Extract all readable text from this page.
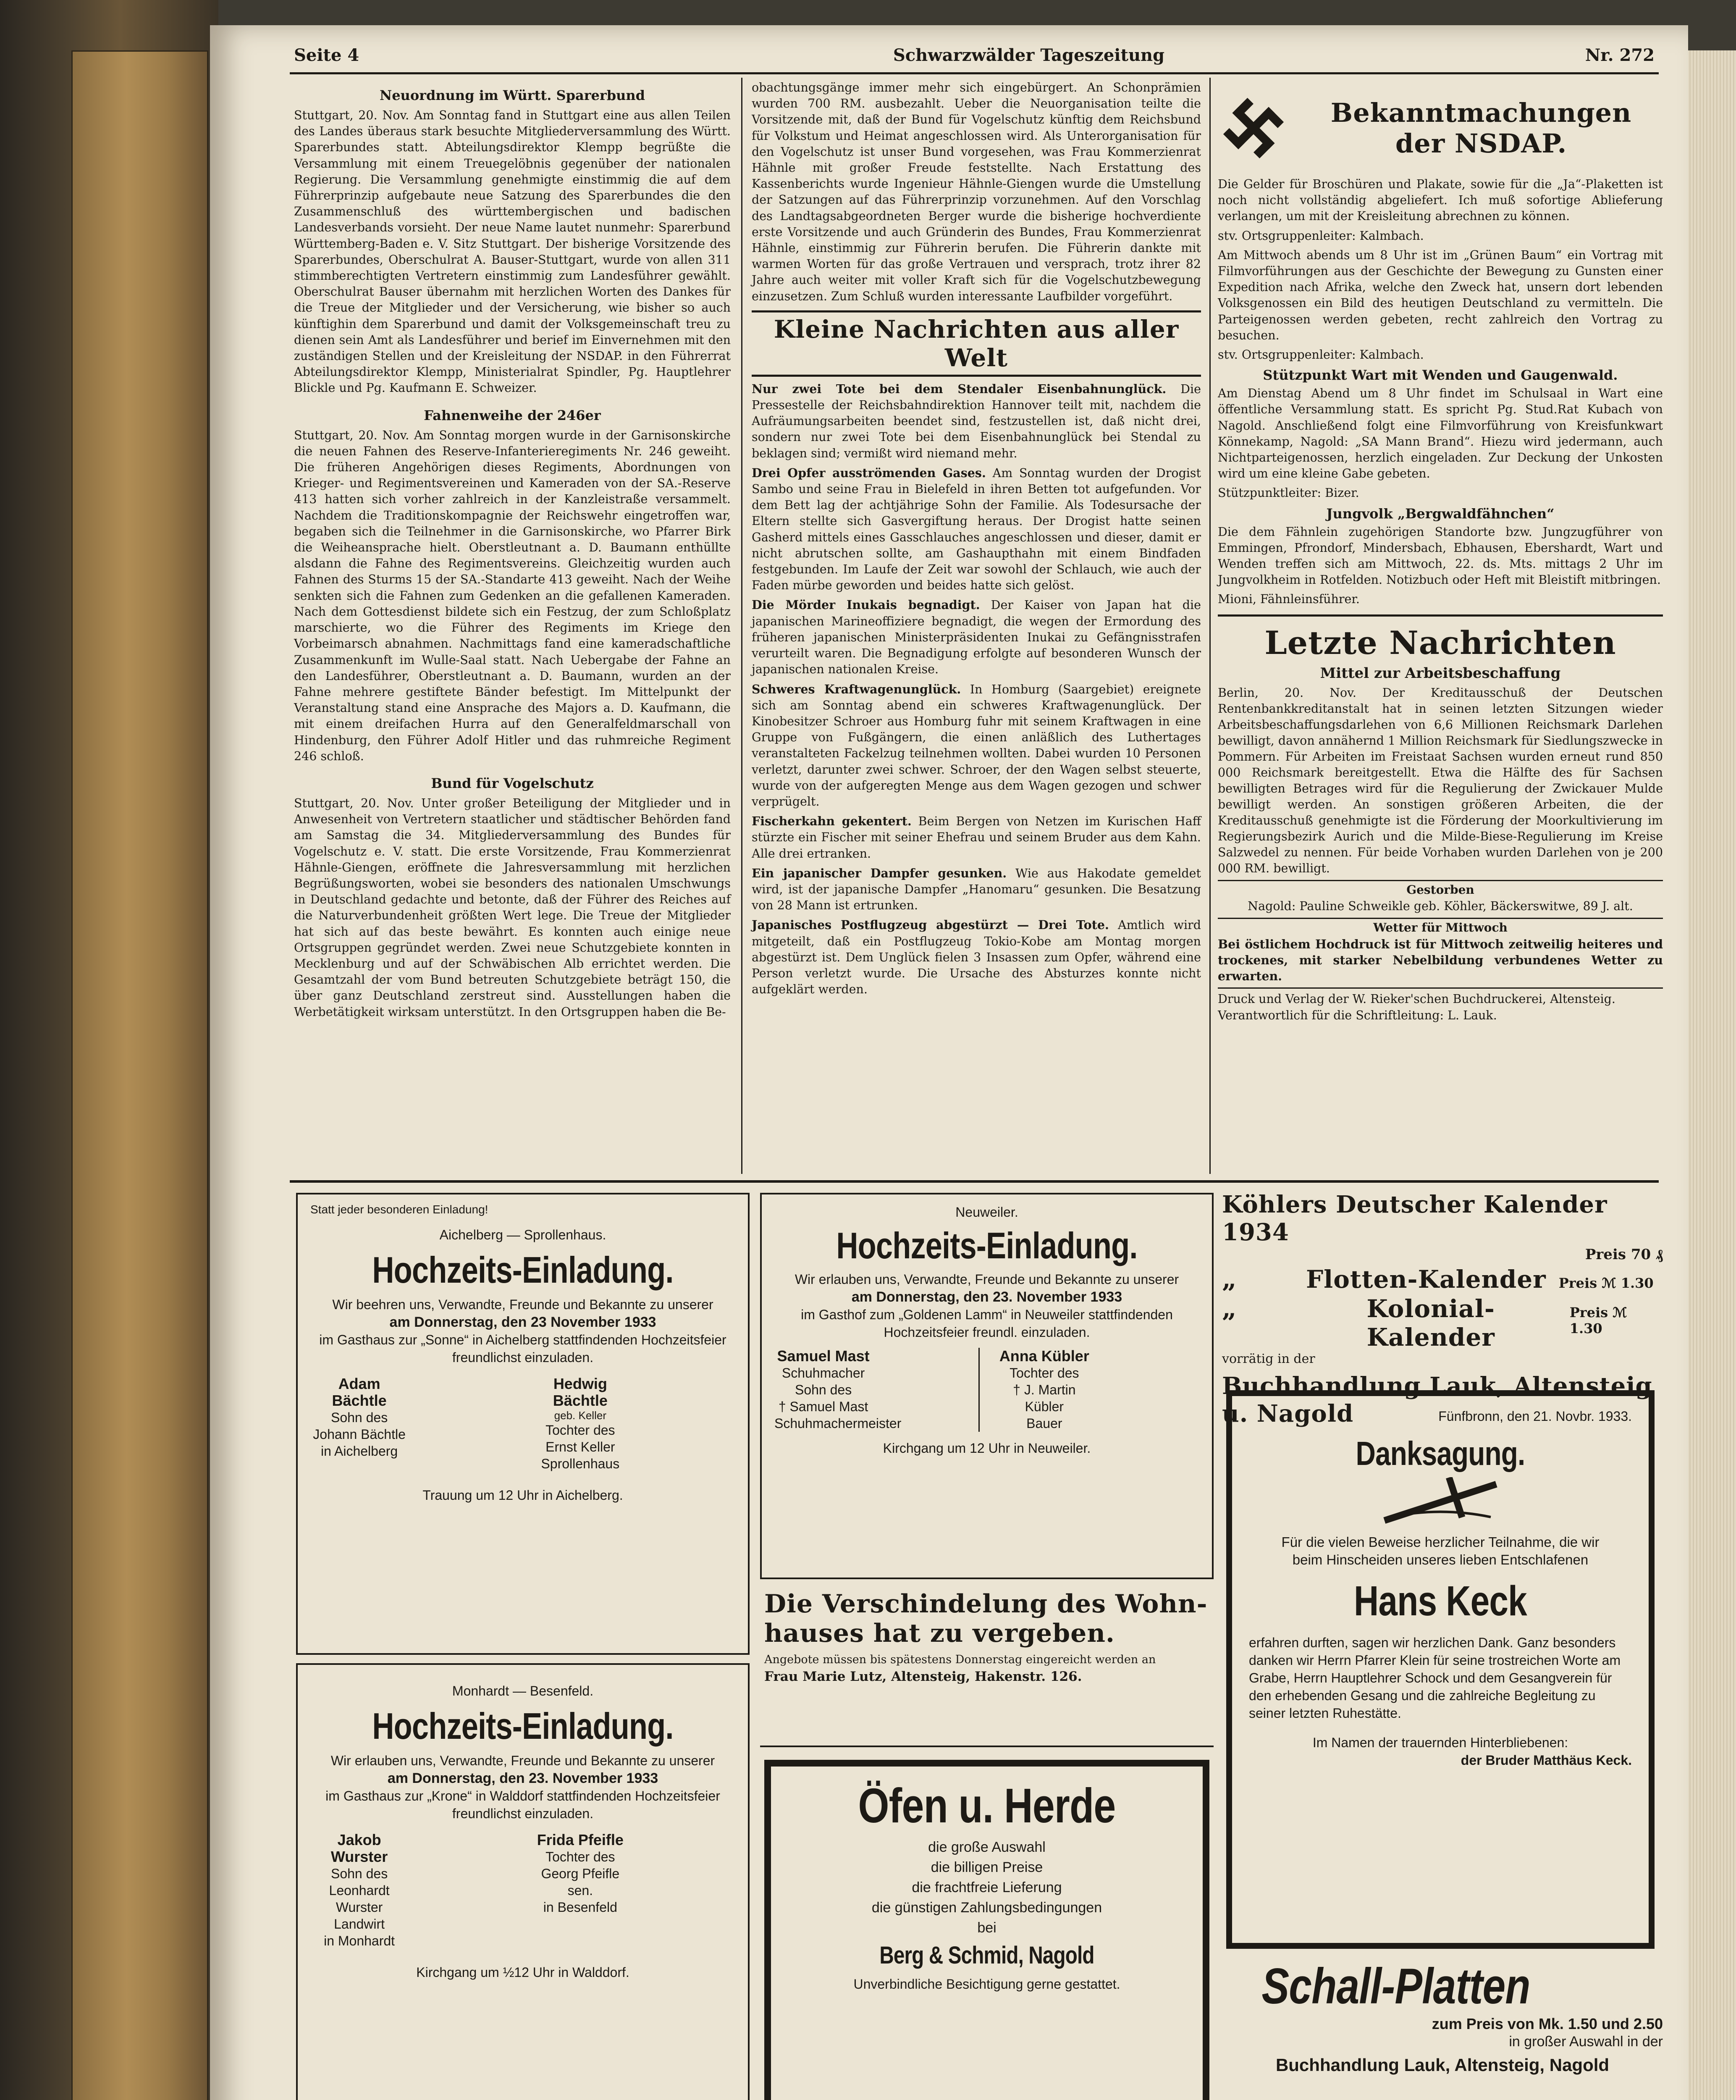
Seite 4	Schwarzwälder Tageszeitung	Nr. 272
Neuordnung im Württ. Sparerbund

Stuttgart, 20. Nov. Am Sonntag fand in Stuttgart eine aus allen Teilen des Landes überaus stark besuchte Mitgliederversammlung des Württ. Sparerbundes statt. Abteilungsdirektor Klempp begrüßte die Versammlung mit einem Treuegelöbnis gegenüber der nationalen Regierung. Die Versammlung genehmigte einstimmig die auf dem Führerprinzip aufgebaute neue Satzung des Sparerbundes die den Zusammenschluß des württembergischen und badischen Landesverbands vorsieht. Der neue Name lautet nunmehr: Sparerbund Württemberg-Baden e. V. Sitz Stuttgart. Der bisherige Vorsitzende des Sparerbundes, Oberschulrat A. Bauser-Stuttgart, wurde von allen 311 stimmberechtigten Vertretern einstimmig zum Landesführer gewählt. Oberschulrat Bauser übernahm mit herzlichen Worten des Dankes für die Treue der Mitglieder und der Versicherung, wie bisher so auch künftighin dem Sparerbund und damit der Volksgemeinschaft treu zu dienen sein Amt als Landesführer und berief im Einvernehmen mit den zuständigen Stellen und der Kreisleitung der NSDAP. in den Führerrat Abteilungsdirektor Klempp, Ministerialrat Spindler, Pg. Hauptlehrer Blickle und Pg. Kaufmann E. Schweizer.

Fahnenweihe der 246er

Stuttgart, 20. Nov. Am Sonntag morgen wurde in der Garnisonskirche die neuen Fahnen des Reserve-Infanterieregiments Nr. 246 geweiht. Die früheren Angehörigen dieses Regiments, Abordnungen von Krieger- und Regimentsvereinen und Kameraden von der SA.-Reserve 413 hatten sich vorher zahlreich in der Kanzleistraße versammelt. Nachdem die Traditionskompagnie der Reichswehr eingetroffen war, begaben sich die Teilnehmer in die Garnisonskirche, wo Pfarrer Birk die Weiheansprache hielt. Oberstleutnant a. D. Baumann enthüllte alsdann die Fahne des Regimentsvereins. Gleichzeitig wurden auch Fahnen des Sturms 15 der SA.-Standarte 413 geweiht. Nach der Weihe senkten sich die Fahnen zum Gedenken an die gefallenen Kameraden. Nach dem Gottesdienst bildete sich ein Festzug, der zum Schloßplatz marschierte, wo die Führer des Regiments im Kriege den Vorbeimarsch abnahmen. Nachmittags fand eine kameradschaftliche Zusammenkunft im Wulle-Saal statt. Nach Uebergabe der Fahne an den Landesführer, Oberstleutnant a. D. Baumann, wurden an der Fahne mehrere gestiftete Bänder befestigt. Im Mittelpunkt der Veranstaltung stand eine Ansprache des Majors a. D. Kaufmann, die mit einem dreifachen Hurra auf den Generalfeldmarschall von Hindenburg, den Führer Adolf Hitler und das ruhmreiche Regiment 246 schloß.

Bund für Vogelschutz

Stuttgart, 20. Nov. Unter großer Beteiligung der Mitglieder und in Anwesenheit von Vertretern staatlicher und städtischer Behörden fand am Samstag die 34. Mitgliederversammlung des Bundes für Vogelschutz e. V. statt. Die erste Vorsitzende, Frau Kommerzienrat Hähnle-Giengen, eröffnete die Jahresversammlung mit herzlichen Begrüßungsworten, wobei sie besonders des nationalen Umschwungs in Deutschland gedachte und betonte, daß der Führer des Reiches auf die Naturverbundenheit größten Wert lege. Die Treue der Mitglieder hat sich auf das beste bewährt. Es konnten auch einige neue Ortsgruppen gegründet werden. Zwei neue Schutzgebiete konnten in Mecklenburg und auf der Schwäbischen Alb errichtet werden. Die Gesamtzahl der vom Bund betreuten Schutzgebiete beträgt 150, die über ganz Deutschland zerstreut sind. Ausstellungen haben die Werbetätigkeit wirksam unterstützt. In den Ortsgruppen haben die Be-

obachtungsgänge immer mehr sich eingebürgert. An Schonprämien wurden 700 RM. ausbezahlt. Ueber die Neuorganisation teilte die Vorsitzende mit, daß der Bund für Vogelschutz künftig dem Reichsbund für Volkstum und Heimat angeschlossen wird. Als Unterorganisation für den Vogelschutz ist unser Bund vorgesehen, was Frau Kommerzienrat Hähnle mit großer Freude feststellte. Nach Erstattung des Kassenberichts wurde Ingenieur Hähnle-Giengen wurde die Umstellung der Satzungen auf das Führerprinzip vorzunehmen. Auf den Vorschlag des Landtagsabgeordneten Berger wurde die bisherige hochverdiente erste Vorsitzende und auch Gründerin des Bundes, Frau Kommerzienrat Hähnle, einstimmig zur Führerin berufen. Die Führerin dankte mit warmen Worten für das große Vertrauen und versprach, trotz ihrer 82 Jahre auch weiter mit voller Kraft sich für die Vogelschutzbewegung einzusetzen. Zum Schluß wurden interessante Laufbilder vorgeführt.

Kleine Nachrichten aus aller Welt

Nur zwei Tote bei dem Stendaler Eisenbahnunglück. Die Pressestelle der Reichsbahndirektion Hannover teilt mit, nachdem die Aufräumungsarbeiten beendet sind, festzustellen ist, daß nicht drei, sondern nur zwei Tote bei dem Eisenbahnunglück bei Stendal zu beklagen sind; vermißt wird niemand mehr.

Drei Opfer ausströmenden Gases. Am Sonntag wurden der Drogist Sambo und seine Frau in Bielefeld in ihren Betten tot aufgefunden. Vor dem Bett lag der achtjährige Sohn der Familie. Als Todesursache der Eltern stellte sich Gasvergiftung heraus. Der Drogist hatte seinen Gasherd mittels eines Gasschlauches angeschlossen und dieser, damit er nicht abrutschen sollte, am Gashaupthahn mit einem Bindfaden festgebunden. Im Laufe der Zeit war sowohl der Schlauch, wie auch der Faden mürbe geworden und beides hatte sich gelöst.

Die Mörder Inukais begnadigt. Der Kaiser von Japan hat die japanischen Marineoffiziere begnadigt, die wegen der Ermordung des früheren japanischen Ministerpräsidenten Inukai zu Gefängnisstrafen verurteilt waren. Die Begnadigung erfolgte auf besonderen Wunsch der japanischen nationalen Kreise.

Schweres Kraftwagenunglück. In Homburg (Saargebiet) ereignete sich am Sonntag abend ein schweres Kraftwagenunglück. Der Kinobesitzer Schroer aus Homburg fuhr mit seinem Kraftwagen in eine Gruppe von Fußgängern, die einen anläßlich des Luthertages veranstalteten Fackelzug teilnehmen wollten. Dabei wurden 10 Personen verletzt, darunter zwei schwer. Schroer, der den Wagen selbst steuerte, wurde von der aufgeregten Menge aus dem Wagen gezogen und schwer verprügelt.

Fischerkahn gekentert. Beim Bergen von Netzen im Kurischen Haff stürzte ein Fischer mit seiner Ehefrau und seinem Bruder aus dem Kahn. Alle drei ertranken.

Ein japanischer Dampfer gesunken. Wie aus Hakodate gemeldet wird, ist der japanische Dampfer „Hanomaru“ gesunken. Die Besatzung von 28 Mann ist ertrunken.

Japanisches Postflugzeug abgestürzt — Drei Tote. Amtlich wird mitgeteilt, daß ein Postflugzeug Tokio-Kobe am Montag morgen abgestürzt ist. Dem Unglück fielen 3 Insassen zum Opfer, während eine Person verletzt wurde. Die Ursache des Absturzes konnte nicht aufgeklärt werden.

Bekanntmachungen
der NSDAP.

Die Gelder für Broschüren und Plakate, sowie für die „Ja“-Plaketten ist noch nicht vollständig abgeliefert. Ich muß sofortige Ablieferung verlangen, um mit der Kreisleitung abrechnen zu können.

stv. Ortsgruppenleiter: Kalmbach.

Am Mittwoch abends um 8 Uhr ist im „Grünen Baum“ ein Vortrag mit Filmvorführungen aus der Geschichte der Bewegung zu Gunsten einer Expedition nach Afrika, welche den Zweck hat, unsern dort lebenden Volksgenossen ein Bild des heutigen Deutschland zu vermitteln. Die Parteigenossen werden gebeten, recht zahlreich den Vortrag zu besuchen.

stv. Ortsgruppenleiter: Kalmbach.

Stützpunkt Wart mit Wenden und Gaugenwald.

Am Dienstag Abend um 8 Uhr findet im Schulsaal in Wart eine öffentliche Versammlung statt. Es spricht Pg. Stud.Rat Kubach von Nagold. Anschließend folgt eine Filmvorführung von Kreisfunkwart Könnekamp, Nagold: „SA Mann Brand“. Hiezu wird jedermann, auch Nichtparteigenossen, herzlich eingeladen. Zur Deckung der Unkosten wird um eine kleine Gabe gebeten.

Stützpunktleiter: Bizer.

Jungvolk „Bergwaldfähnchen“

Die dem Fähnlein zugehörigen Standorte bzw. Jungzugführer von Emmingen, Pfrondorf, Mindersbach, Ebhausen, Ebershardt, Wart und Wenden treffen sich am Mittwoch, 22. ds. Mts. mittags 2 Uhr im Jungvolkheim in Rotfelden. Notizbuch oder Heft mit Bleistift mitbringen.

Mioni, Fähnleinsführer.

Letzte Nachrichten
Mittel zur Arbeitsbeschaffung

Berlin, 20. Nov. Der Kreditausschuß der Deutschen Rentenbankkreditanstalt hat in seinen letzten Sitzungen wieder Arbeitsbeschaffungsdarlehen von 6,6 Millionen Reichsmark Darlehen bewilligt, davon annähernd 1 Million Reichsmark für Siedlungszwecke in Pommern. Für Arbeiten im Freistaat Sachsen wurden erneut rund 850 000 Reichsmark bereitgestellt. Etwa die Hälfte des für Sachsen bewilligten Betrages wird für die Regulierung der Zwickauer Mulde bewilligt werden. An sonstigen größeren Arbeiten, die der Kreditausschuß genehmigte ist die Förderung der Moorkultivierung im Regierungsbezirk Aurich und die Milde-Biese-Regulierung im Kreise Salzwedel zu nennen. Für beide Vorhaben wurden Darlehen von je 200 000 RM. bewilligt.

Gestorben

Nagold: Pauline Schweikle geb. Köhler, Bäckerswitwe, 89 J. alt.

Wetter für Mittwoch

Bei östlichem Hochdruck ist für Mittwoch zeitweilig heiteres und trockenes, mit starker Nebelbildung verbundenes Wetter zu erwarten.

Druck und Verlag der W. Rieker'schen Buchdruckerei, Altensteig.

Verantwortlich für die Schriftleitung: L. Lauk.

Statt jeder besonderen Einladung!
Aichelberg — Sprollenhaus.
Hochzeits-Einladung.

Wir beehren uns, Verwandte, Freunde und Bekannte zu unserer

am Donnerstag, den 23 November 1933

im Gasthaus zur „Sonne“ in Aichelberg stattfindenden Hochzeitsfeier freundlichst einzuladen.

Adam Bächtle
Sohn des
Johann Bächtle
in Aichelberg
Hedwig Bächtle
geb. Keller
Tochter des
Ernst Keller
Sprollenhaus

Trauung um 12 Uhr in Aichelberg.

Monhardt — Besenfeld.
Hochzeits-Einladung.

Wir erlauben uns, Verwandte, Freunde und Bekannte zu unserer

am Donnerstag, den 23. November 1933

im Gasthaus zur „Krone“ in Walddorf stattfindenden Hochzeitsfeier freundlichst einzuladen.

Jakob Wurster
Sohn des
Leonhardt Wurster
Landwirt
in Monhardt
Frida Pfeifle
Tochter des
Georg Pfeifle sen.
in Besenfeld

Kirchgang um ½12 Uhr in Walddorf.

Neuweiler.
Hochzeits-Einladung.

Wir erlauben uns, Verwandte, Freunde und Bekannte zu unserer

am Donnerstag, den 23. November 1933

im Gasthof zum „Goldenen Lamm“ in Neuweiler stattfindenden Hochzeitsfeier freundl. einzuladen.

Samuel Mast
Schuhmacher
Sohn des
† Samuel Mast
Schuhmachermeister
Anna Kübler
Tochter des
† J. Martin Kübler
Bauer

Kirchgang um 12 Uhr in Neuweiler.

Die Verschindelung des Wohn-
hauses hat zu vergeben.

Angebote müssen bis spätestens Donnerstag eingereicht werden an

Frau Marie Lutz, Altensteig, Hakenstr. 126.

Öfen u. Herde

die große Auswahl

die billigen Preise

die frachtfreie Lieferung

die günstigen Zahlungsbedingungen

bei

Berg & Schmid, Nagold

Unverbindliche Besichtigung gerne gestattet.

Köhlers Deutscher Kalender 1934
Preis 70 ₰
„	Flotten-Kalender Preis ℳ 1.30
„	Kolonial-Kalender
Preis ℳ 1.30
vorrätig in der
Buchhandlung Lauk, Altensteig u. Nagold	Fünfbronn, den 21. Novbr. 1933.
Danksagung.

Für die vielen Beweise herzlicher Teilnahme, die wir beim Hinscheiden unseres lieben Entschlafenen

Hans Keck

erfahren durften, sagen wir herzlichen Dank. Ganz besonders danken wir Herrn Pfarrer Klein für seine trostreichen Worte am Grabe, Herrn Hauptlehrer Schock und dem Gesangverein für den erhebenden Gesang und die zahlreiche Begleitung zu seiner letzten Ruhestätte.

Im Namen der trauernden Hinterbliebenen:

der Bruder Matthäus Keck.

Schall-Platten

zum Preis von Mk. 1.50 und 2.50

in großer Auswahl in der

Buchhandlung Lauk, Altensteig, Nagold
